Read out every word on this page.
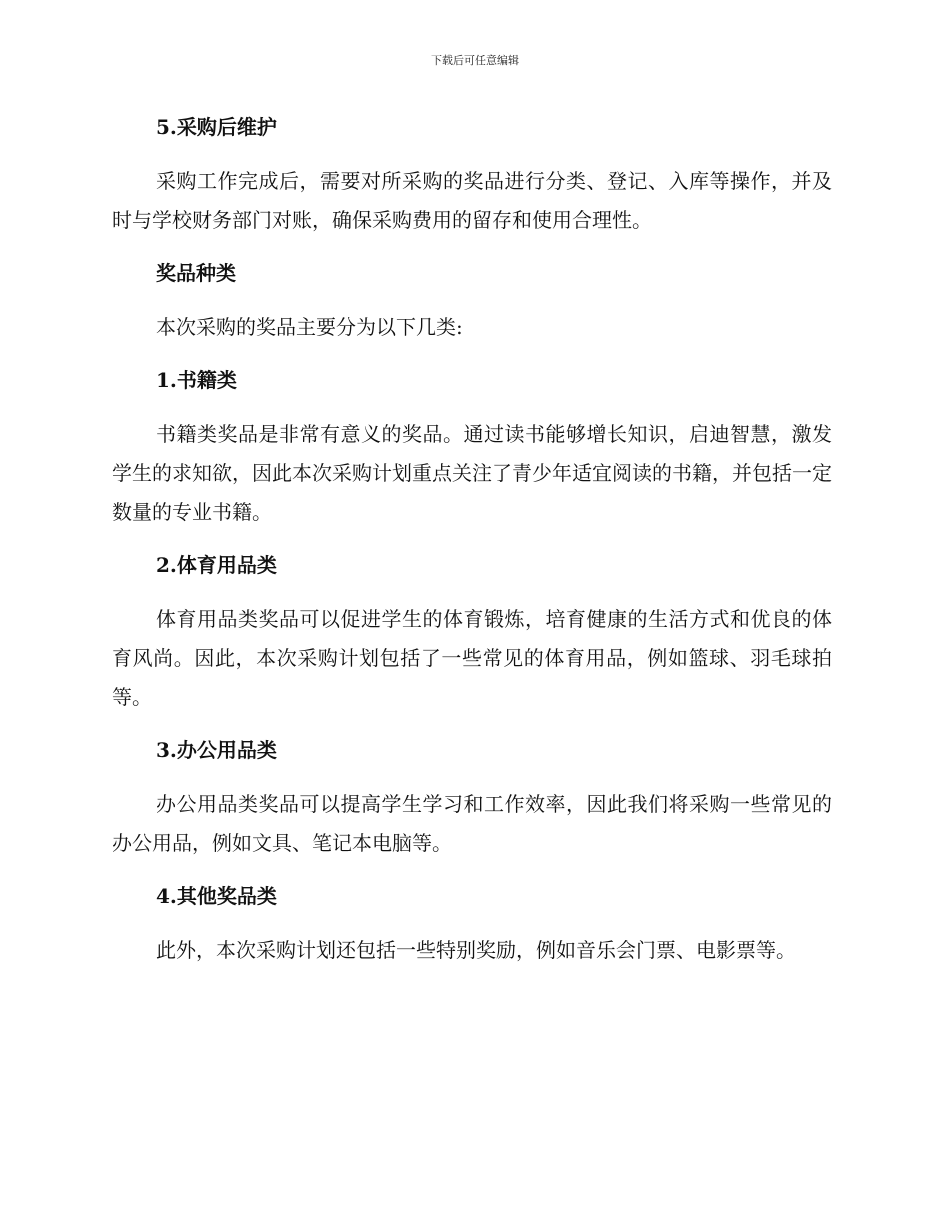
下载后可任意编辑
5.采购后维护

采购工作完成后，需要对所采购的奖品进行分类、登记、入库等操作，并及时与学校财务部门对账，确保采购费用的留存和使用合理性。

奖品种类

本次采购的奖品主要分为以下几类:

1.书籍类

书籍类奖品是非常有意义的奖品。通过读书能够增长知识，启迪智慧，激发学生的求知欲，因此本次采购计划重点关注了青少年适宜阅读的书籍，并包括一定数量的专业书籍。

2.体育用品类

体育用品类奖品可以促进学生的体育锻炼，培育健康的生活方式和优良的体育风尚。因此，本次采购计划包括了一些常见的体育用品，例如篮球、羽毛球拍等。

3.办公用品类

办公用品类奖品可以提高学生学习和工作效率，因此我们将采购一些常见的办公用品，例如文具、笔记本电脑等。

4.其他奖品类

此外，本次采购计划还包括一些特别奖励，例如音乐会门票、电影票等。
